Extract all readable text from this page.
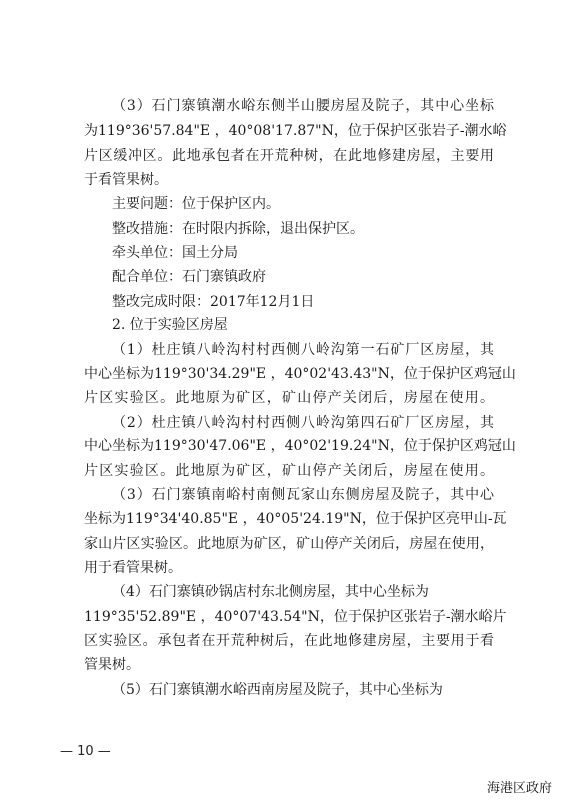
（3）石门寨镇潮水峪东侧半山腰房屋及院子，其中心坐标
为119°36'57.84"E ，40°08'17.87"N，位于保护区张岩子-潮水峪
片区缓冲区。此地承包者在开荒种树，在此地修建房屋，主要用
于看管果树。
主要问题：位于保护区内。
整改措施：在时限内拆除，退出保护区。
牵头单位：国土分局
配合单位：石门寨镇政府
整改完成时限：2017年12月1日
2. 位于实验区房屋
（1）杜庄镇八岭沟村村西侧八岭沟第一石矿厂区房屋，其
中心坐标为119°30'34.29"E ，40°02'43.43"N，位于保护区鸡冠山
片区实验区。此地原为矿区，矿山停产关闭后，房屋在使用。
（2）杜庄镇八岭沟村村西侧八岭沟第四石矿厂区房屋，其
中心坐标为119°30'47.06"E ，40°02'19.24"N，位于保护区鸡冠山
片区实验区。此地原为矿区，矿山停产关闭后，房屋在使用。
（3）石门寨镇南峪村南侧瓦家山东侧房屋及院子，其中心
坐标为119°34'40.85"E ，40°05'24.19"N，位于保护区亮甲山-瓦
家山片区实验区。此地原为矿区，矿山停产关闭后，房屋在使用，
用于看管果树。
（4）石门寨镇砂锅店村东北侧房屋，其中心坐标为
119°35'52.89"E ，40°07'43.54"N，位于保护区张岩子-潮水峪片
区实验区。承包者在开荒种树后，在此地修建房屋，主要用于看
管果树。
（5）石门寨镇潮水峪西南房屋及院子，其中心坐标为
— 10 —
海港区政府
